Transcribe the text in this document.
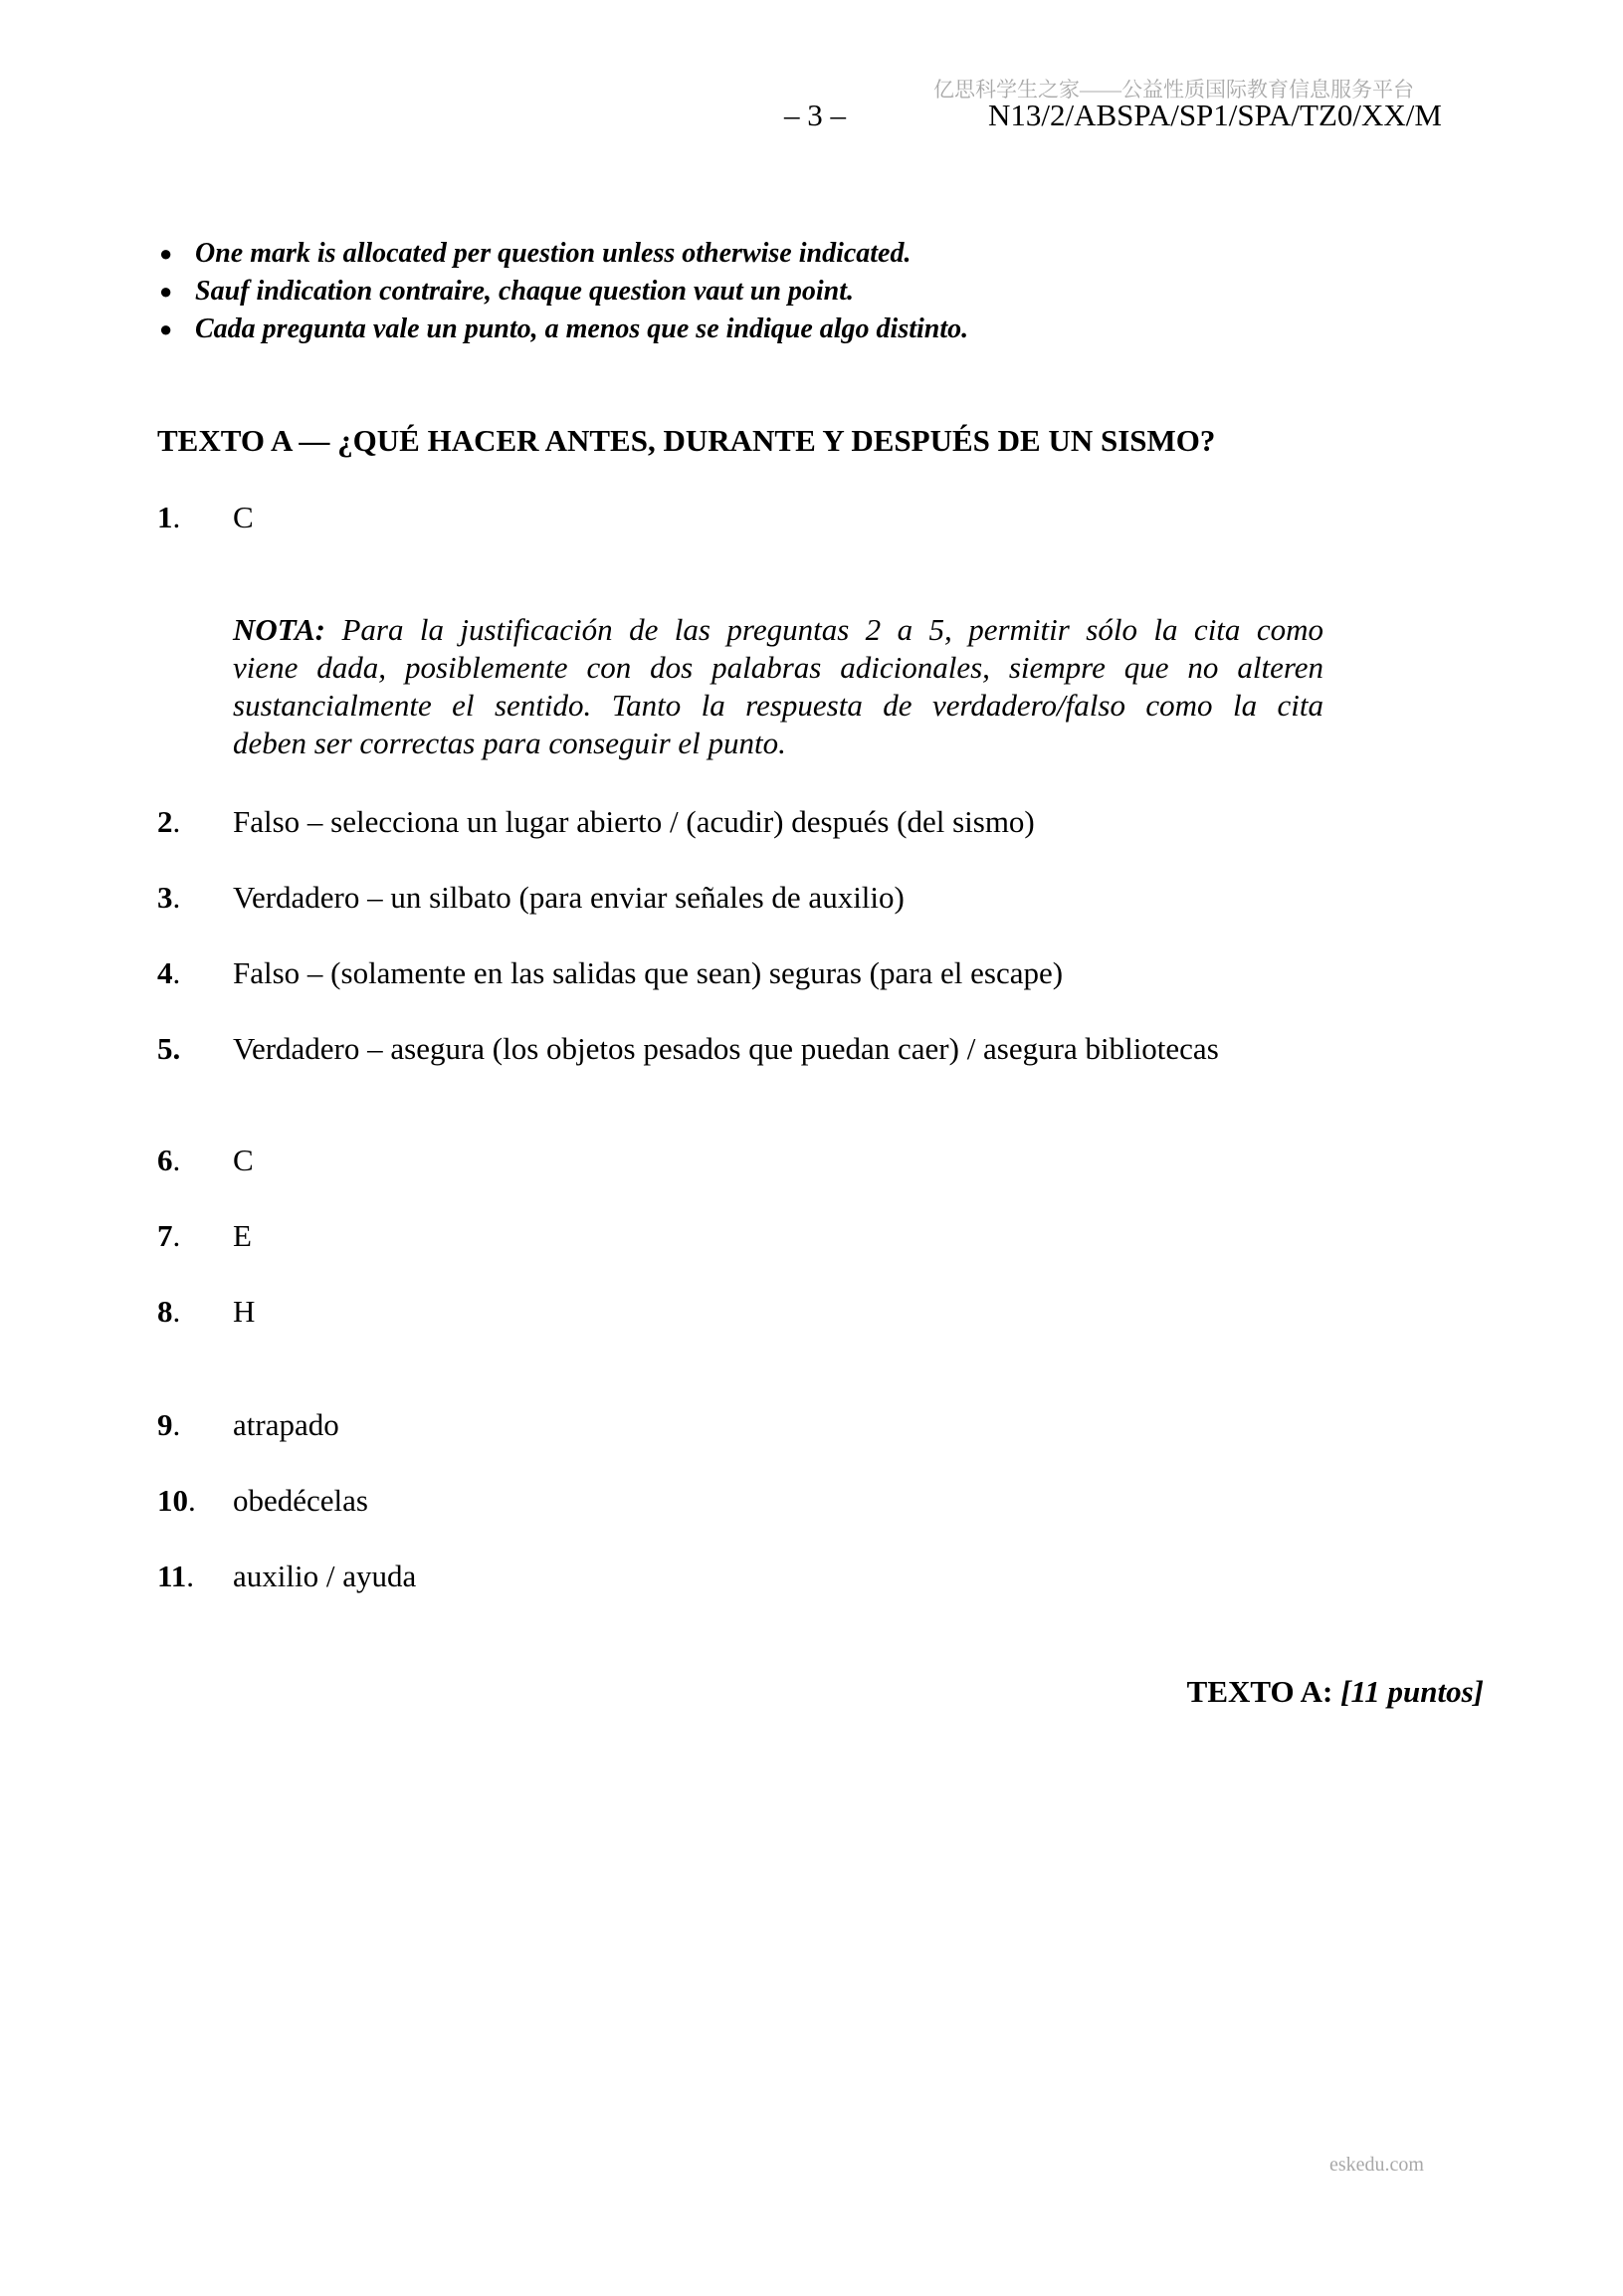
亿思科学生之家——公益性质国际教育信息服务平台
– 3 –	N13/2/ABSPA/SP1/SPA/TZ0/XX/M
● One mark is allocated per question unless otherwise indicated.
● Sauf indication contraire, chaque question vaut un point.
● Cada pregunta vale un punto, a menos que se indique algo distinto.
TEXTO A — ¿QUÉ HACER ANTES, DURANTE Y DESPUÉS DE UN SISMO?
1. C
NOTA: Para la justificación de las preguntas 2 a 5, permitir sólo la cita como
viene dada, posiblemente con dos palabras adicionales, siempre que no alteren
sustancialmente el sentido. Tanto la respuesta de verdadero/falso como la cita
deben ser correctas para conseguir el punto.
2. Falso – selecciona un lugar abierto / (acudir) después (del sismo)
3. Verdadero – un silbato (para enviar señales de auxilio)
4. Falso – (solamente en las salidas que sean) seguras (para el escape)
5. Verdadero – asegura (los objetos pesados que puedan caer) / asegura bibliotecas
6. C
7. E
8. H
9. atrapado
10. obedécelas
11. auxilio / ayuda
TEXTO A: [11 puntos]
eskedu.com
